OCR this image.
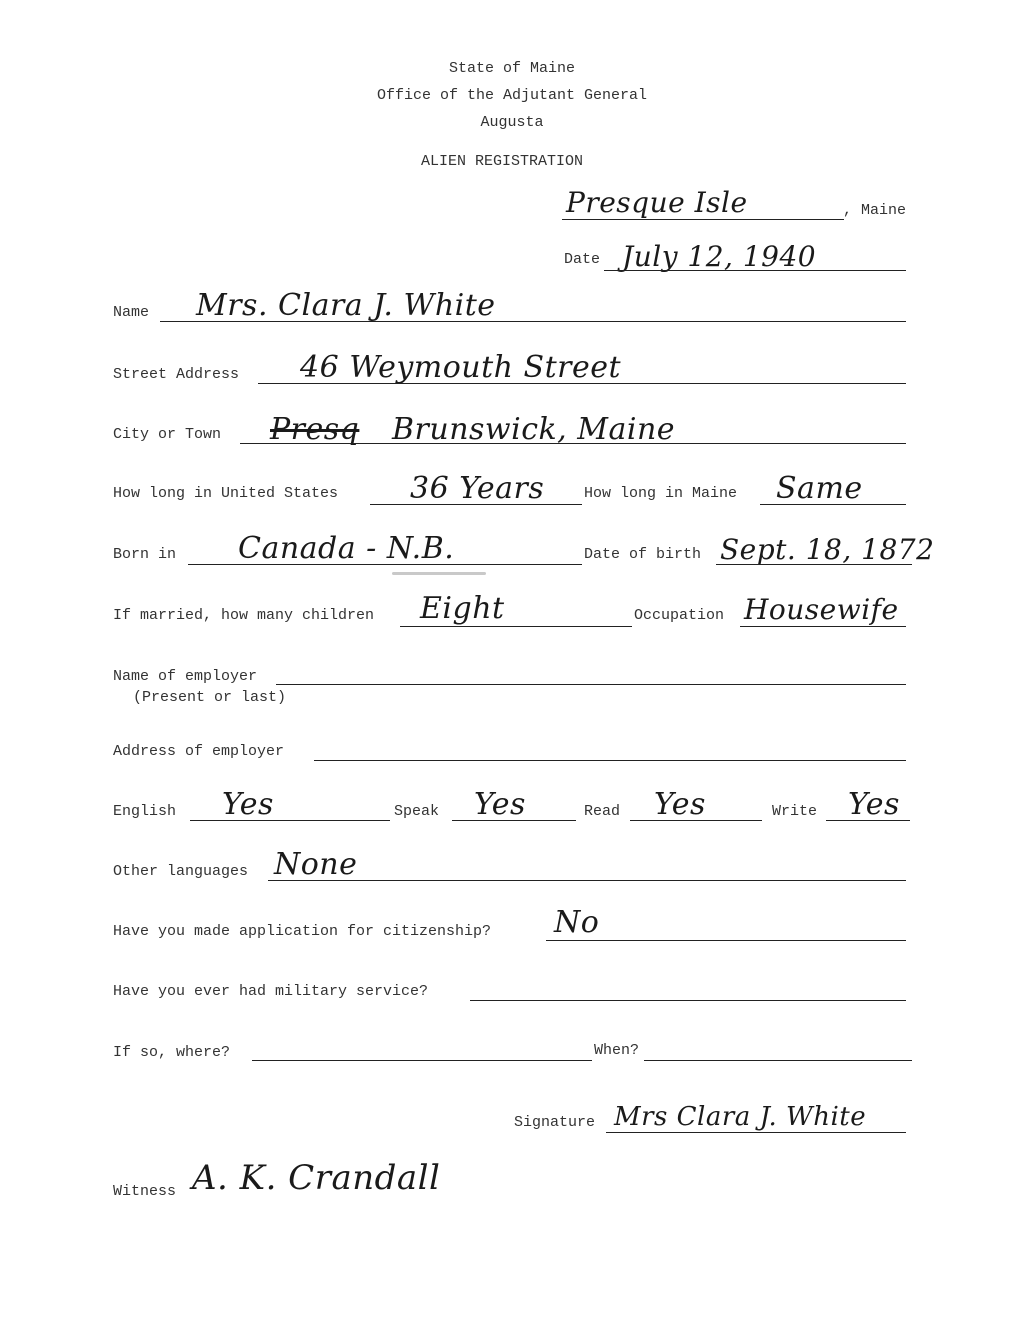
State of Maine
Office of the Adjutant General
Augusta
ALIEN REGISTRATION
Presque Isle	, Maine
Date July 12, 1940
Name Mrs. Clara J. White
Street Address 46 Weymouth Street
City or Town Presq Brunswick, Maine
How long in United States 36 Years	How long in Maine Same
Born in Canada - N.B.	Date of birth Sept. 18, 1872
If married, how many children Eight	Occupation Housewife
Name of employer
(Present or last)
Address of employer
English Yes	Speak Yes	Read Yes	Write Yes
Other languages None
Have you made application for citizenship? No
Have you ever had military service?
If so, where?	When?
Signature Mrs Clara J. White
Witness A. K. Crandall
